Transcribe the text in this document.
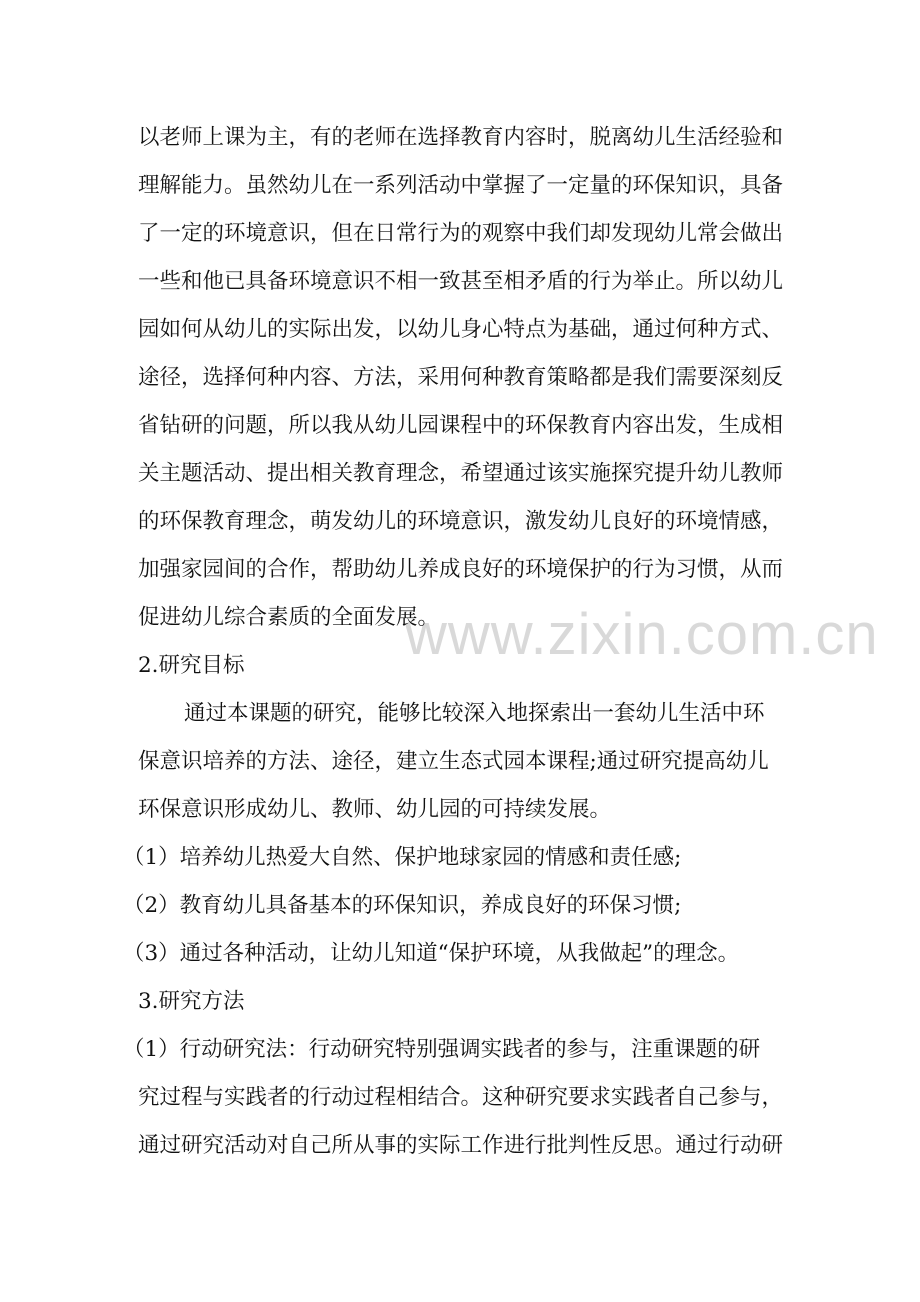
www.zixin.com.cn
以老师上课为主，有的老师在选择教育内容时，脱离幼儿生活经验和
理解能力。虽然幼儿在一系列活动中掌握了一定量的环保知识，具备
了一定的环境意识，但在日常行为的观察中我们却发现幼儿常会做出
一些和他已具备环境意识不相一致甚至相矛盾的行为举止。所以幼儿
园如何从幼儿的实际出发，以幼儿身心特点为基础，通过何种方式、
途径，选择何种内容、方法，采用何种教育策略都是我们需要深刻反
省钻研的问题，所以我从幼儿园课程中的环保教育内容出发，生成相
关主题活动、提出相关教育理念，希望通过该实施探究提升幼儿教师
的环保教育理念，萌发幼儿的环境意识，激发幼儿良好的环境情感，
加强家园间的合作，帮助幼儿养成良好的环境保护的行为习惯，从而
促进幼儿综合素质的全面发展。
2.研究目标
通过本课题的研究，能够比较深入地探索出一套幼儿生活中环
保意识培养的方法、途径，建立生态式园本课程;通过研究提高幼儿
环保意识形成幼儿、教师、幼儿园的可持续发展。
（1）培养幼儿热爱大自然、保护地球家园的情感和责任感;
（2）教育幼儿具备基本的环保知识，养成良好的环保习惯;
（3）通过各种活动，让幼儿知道“保护环境，从我做起”的理念。
3.研究方法
（1）行动研究法：行动研究特别强调实践者的参与，注重课题的研
究过程与实践者的行动过程相结合。这种研究要求实践者自己参与，
通过研究活动对自己所从事的实际工作进行批判性反思。通过行动研
